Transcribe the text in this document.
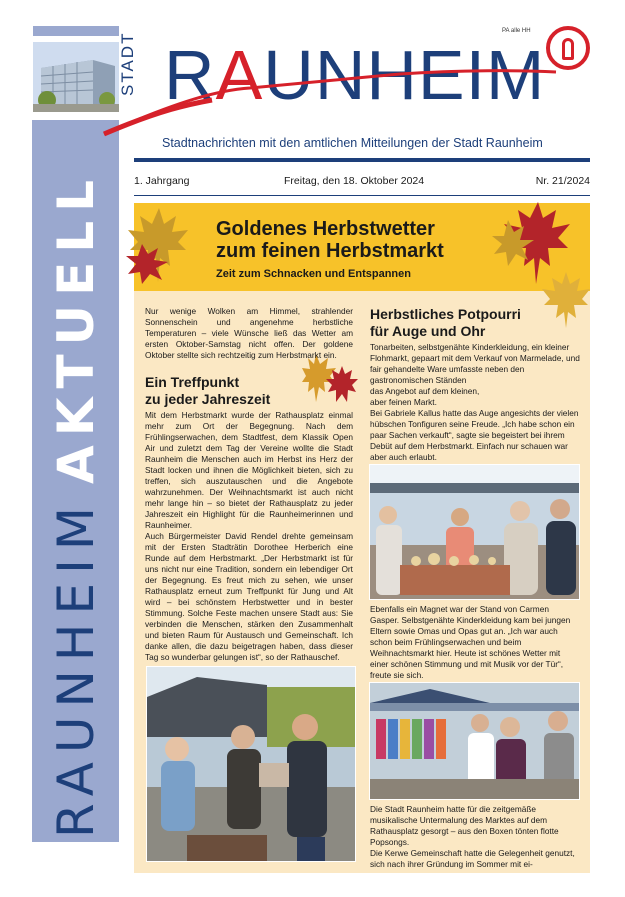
RAUNHEIM
AKTUELL
STADT RAUNHEIM
PA alle HH
Stadtnachrichten mit den amtlichen Mitteilungen der Stadt Raunheim
1. Jahrgang	Freitag, den 18. Oktober 2024	Nr. 21/2024
Goldenes Herbstwetter
zum feinen Herbstmarkt
Zeit zum Schnacken und Entspannen

Nur wenige Wolken am Himmel, strahlender Sonnenschein und angenehme herbstliche Temperaturen – viele Wünsche ließ das Wetter am ersten Oktober-Samstag nicht offen. Der goldene Oktober stellte sich rechtzeitig zum Herbstmarkt ein.

Ein Treffpunkt
zu jeder Jahreszeit

Mit dem Herbstmarkt wurde der Rathausplatz einmal mehr zum Ort der Begegnung. Nach dem Frühlingserwachen, dem Stadtfest, dem Klassik Open Air und zuletzt dem Tag der Vereine wollte die Stadt Raunheim die Menschen auch im Herbst ins Herz der Stadt locken und ihnen die Möglichkeit bieten, sich zu treffen, sich auszutauschen und die Angebote wahrzunehmen. Der Weihnachtsmarkt ist auch nicht mehr lange hin – so bietet der Rathausplatz zu jeder Jahreszeit ein Highlight für die Raunheimerinnen und Raunheimer.

Auch Bürgermeister David Rendel drehte gemeinsam mit der Ersten Stadträtin Dorothee Herberich eine Runde auf dem Herbstmarkt. „Der Herbstmarkt ist für uns nicht nur eine Tradition, sondern ein lebendiger Ort der Begegnung. Es freut mich zu sehen, wie unser Rathausplatz erneut zum Treffpunkt für Jung und Alt wird – bei schönstem Herbstwetter und in bester Stimmung. Solche Feste machen unsere Stadt aus: Sie verbinden die Menschen, stärken den Zusammenhalt und bieten Raum für Austausch und Gemeinschaft. Ich danke allen, die dazu beigetragen haben, dass dieser Tag so wunderbar gelungen ist“, so der Rathauschef.

Herbstliches Potpourri
für Auge und Ohr

Tonarbeiten, selbstgenähte Kinderkleidung, ein kleiner Flohmarkt, gepaart mit dem Verkauf von Marmelade, und fair gehandelte Ware umfasste neben den gastronomischen Ständen

das Angebot auf dem kleinen,

aber feinen Markt.

Bei Gabriele Kallus hatte das Auge angesichts der vielen hübschen Tonfiguren seine Freude. „Ich habe schon ein paar Sachen verkauft“, sagte sie begeistert bei ihrem Debüt auf dem Herbstmarkt. Einfach nur schauen war aber auch erlaubt.

Ebenfalls ein Magnet war der Stand von Carmen Gasper. Selbstgenähte Kinderkleidung kam bei jungen Eltern sowie Omas und Opas gut an. „Ich war auch schon beim Frühlingserwachen und beim Weihnachtsmarkt hier. Heute ist schönes Wetter mit einer schönen Stimmung und mit Musik vor der Tür“, freute sie sich.

Die Stadt Raunheim hatte für die zeitgemäße musikalische Untermalung des Marktes auf dem Rathausplatz gesorgt – aus den Boxen tönten flotte Popsongs.

Die Kerwe Gemeinschaft hatte die Gelegenheit genutzt, sich nach ihrer Gründung im Sommer mit ei-
